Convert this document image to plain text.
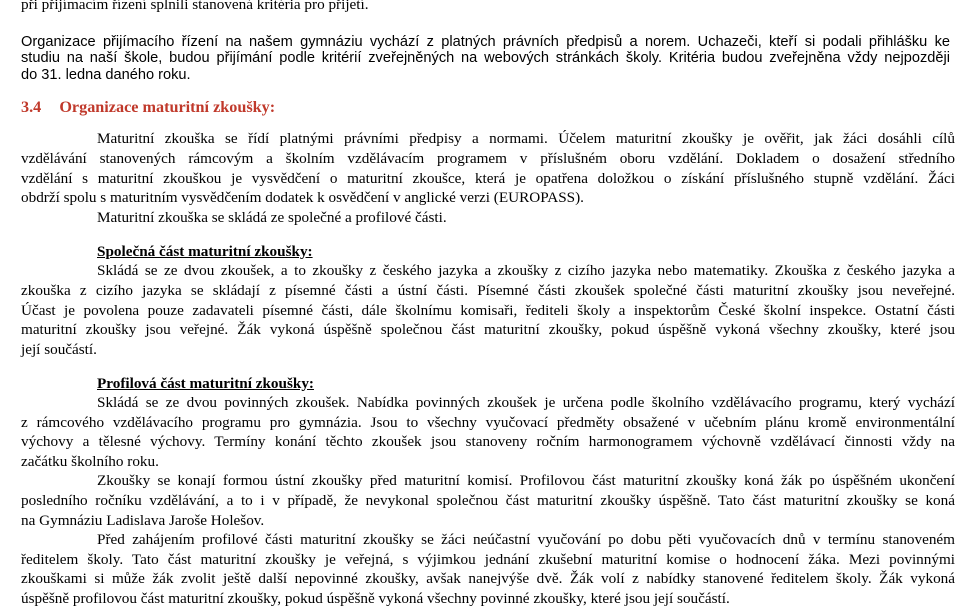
při přijímacím řízení splnili stanovená kritéria pro přijetí.
Organizace přijímacího řízení na našem gymnáziu vychází z platných právních předpisů a norem. Uchazeči, kteří si podali přihlášku ke
studiu na naší škole, budou přijímání podle kritérií zveřejněných na webových stránkách školy. Kritéria budou zveřejněna vždy nejpozději
do 31. ledna daného roku.
3.4 Organizace maturitní zkoušky:
Maturitní zkouška se řídí platnými právními předpisy a normami. Účelem maturitní zkoušky je ověřit, jak žáci dosáhli cílů
vzdělávání stanovených rámcovým a školním vzdělávacím programem v příslušném oboru vzdělání. Dokladem o dosažení středního
vzdělání s maturitní zkouškou je vysvědčení o maturitní zkoušce, která je opatřena doložkou o získání příslušného stupně vzdělání. Žáci
obdrží spolu s maturitním vysvědčením dodatek k osvědčení v anglické verzi (EUROPASS).
Maturitní zkouška se skládá ze společné a profilové části.
Společná část maturitní zkoušky:
Skládá se ze dvou zkoušek, a to zkoušky z českého jazyka a zkoušky z cizího jazyka nebo matematiky. Zkouška z českého jazyka a
zkouška z cizího jazyka se skládají z písemné části a ústní části. Písemné části zkoušek společné části maturitní zkoušky jsou neveřejné.
Účast je povolena pouze zadavateli písemné části, dále školnímu komisaři, řediteli školy a inspektorům České školní inspekce. Ostatní části
maturitní zkoušky jsou veřejné. Žák vykoná úspěšně společnou část maturitní zkoušky, pokud úspěšně vykoná všechny zkoušky, které jsou
její součástí.
Profilová část maturitní zkoušky:
Skládá se ze dvou povinných zkoušek. Nabídka povinných zkoušek je určena podle školního vzdělávacího programu, který vychází
z rámcového vzdělávacího programu pro gymnázia. Jsou to všechny vyučovací předměty obsažené v učebním plánu kromě environmentální
výchovy a tělesné výchovy. Termíny konání těchto zkoušek jsou stanoveny ročním harmonogramem výchovně vzdělávací činnosti vždy na
začátku školního roku.
Zkoušky se konají formou ústní zkoušky před maturitní komisí. Profilovou část maturitní zkoušky koná žák po úspěšném ukončení
posledního ročníku vzdělávání, a to i v případě, že nevykonal společnou část maturitní zkoušky úspěšně. Tato část maturitní zkoušky se koná
na Gymnáziu Ladislava Jaroše Holešov.
Před zahájením profilové části maturitní zkoušky se žáci neúčastní vyučování po dobu pěti vyučovacích dnů v termínu stanoveném
ředitelem školy. Tato část maturitní zkoušky je veřejná, s výjimkou jednání zkušební maturitní komise o hodnocení žáka. Mezi povinnými
zkouškami si může žák zvolit ještě další nepovinné zkoušky, avšak nanejvýše dvě. Žák volí z nabídky stanovené ředitelem školy. Žák vykoná
úspěšně profilovou část maturitní zkoušky, pokud úspěšně vykoná všechny povinné zkoušky, které jsou její součástí.
